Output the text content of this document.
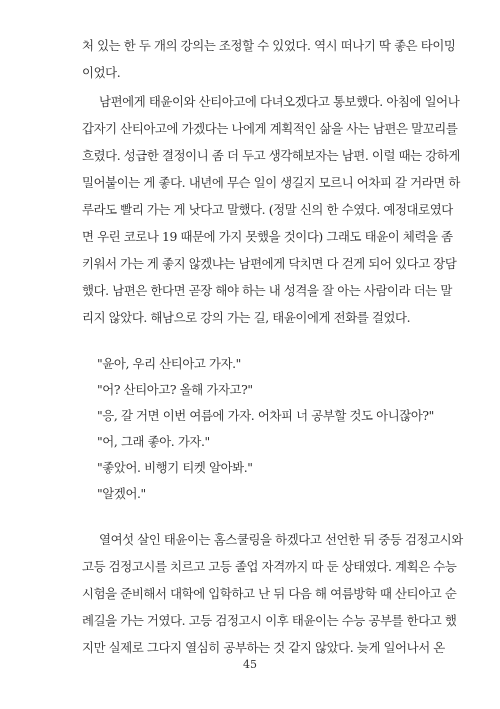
처 있는 한 두 개의 강의는 조정할 수 있었다. 역시 떠나기 딱 좋은 타이밍
이었다.
남편에게 태윤이와 산티아고에 다녀오겠다고 통보했다. 아침에 일어나
갑자기 산티아고에 가겠다는 나에게 계획적인 삶을 사는 남편은 말꼬리를
흐렸다. 성급한 결정이니 좀 더 두고 생각해보자는 남편. 이럴 때는 강하게
밀어붙이는 게 좋다. 내년에 무슨 일이 생길지 모르니 어차피 갈 거라면 하
루라도 빨리 가는 게 낫다고 말했다. (정말 신의 한 수였다. 예정대로였다
면 우린 코로나 19 때문에 가지 못했을 것이다) 그래도 태윤이 체력을 좀
키워서 가는 게 좋지 않겠냐는 남편에게 닥치면 다 걷게 되어 있다고 장담
했다. 남편은 한다면 곧장 해야 하는 내 성격을 잘 아는 사람이라 더는 말
리지 않았다. 해남으로 강의 가는 길, 태윤이에게 전화를 걸었다.
"윤아, 우리 산티아고 가자."
"어? 산티아고? 올해 가자고?"
"응, 갈 거면 이번 여름에 가자. 어차피 너 공부할 것도 아니잖아?"
"어, 그래 좋아. 가자."
"좋았어. 비행기 티켓 알아봐."
"알겠어."
열여섯 살인 태윤이는 홈스쿨링을 하겠다고 선언한 뒤 중등 검정고시와
고등 검정고시를 치르고 고등 졸업 자격까지 따 둔 상태였다. 계획은 수능
시험을 준비해서 대학에 입학하고 난 뒤 다음 해 여름방학 때 산티아고 순
례길을 가는 거였다. 고등 검정고시 이후 태윤이는 수능 공부를 한다고 했
지만 실제로 그다지 열심히 공부하는 것 같지 않았다. 늦게 일어나서 온
45
